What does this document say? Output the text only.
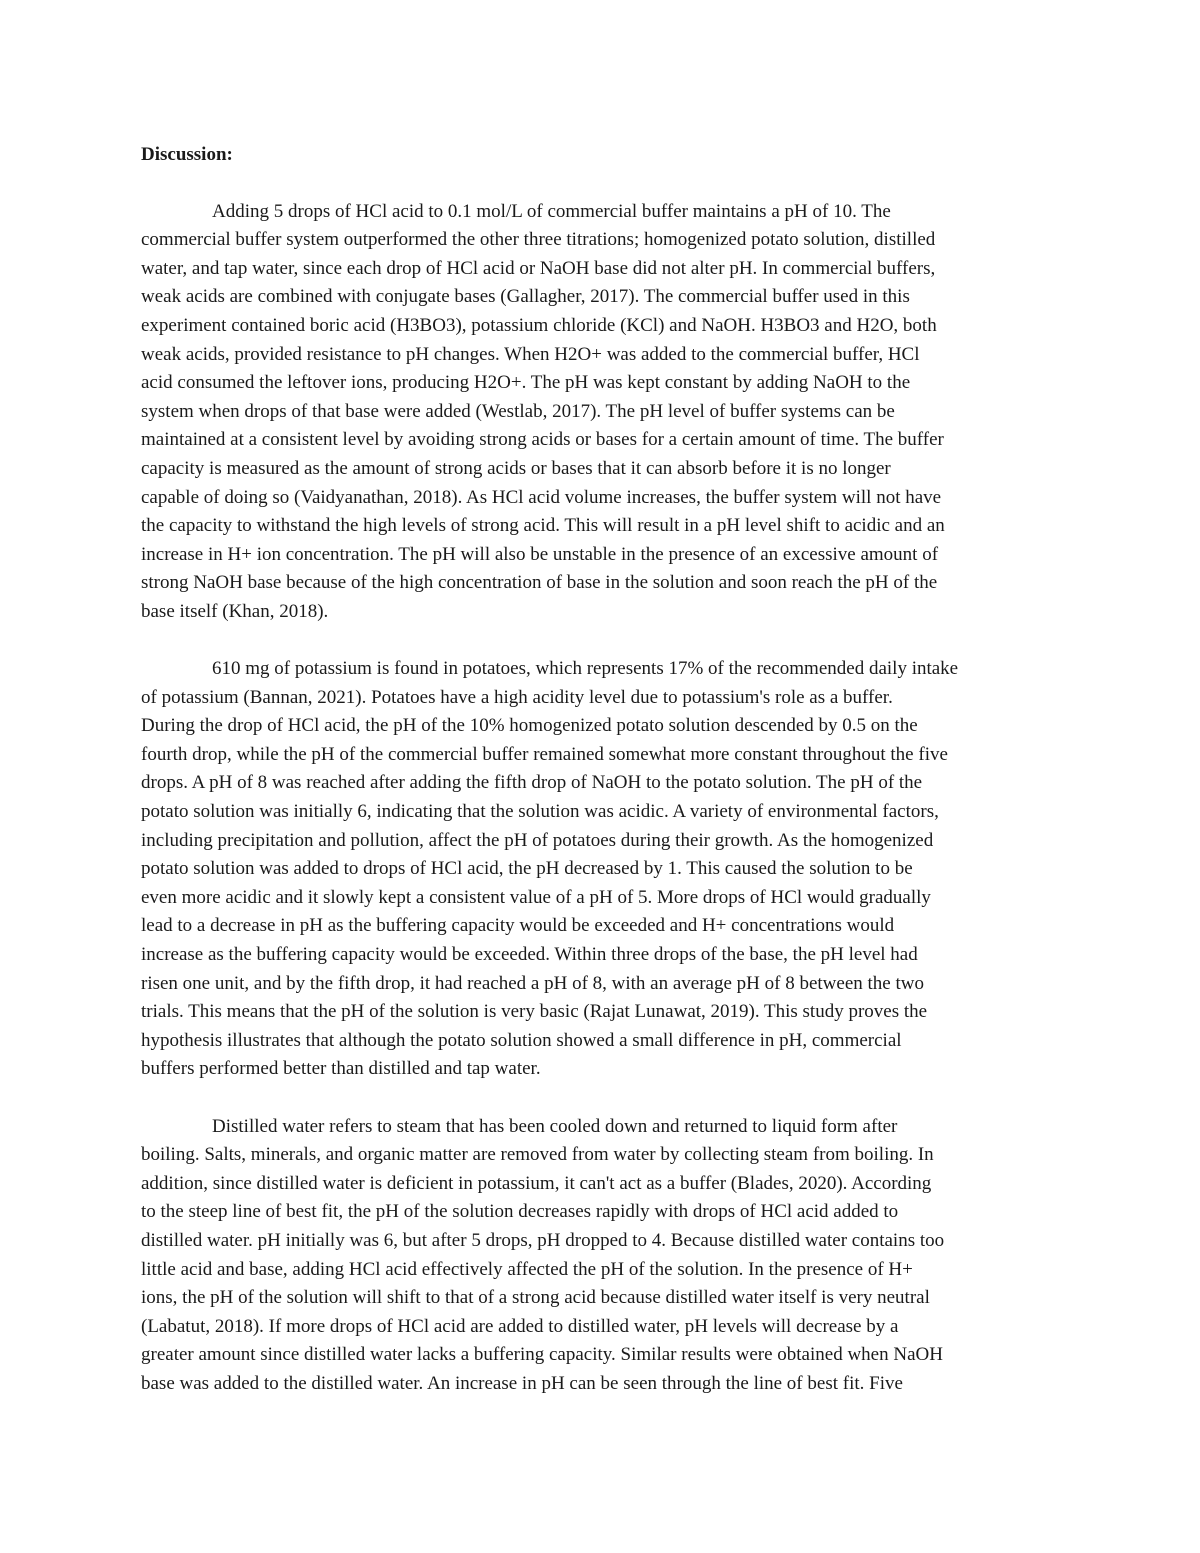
Discussion:
Adding 5 drops of HCl acid to 0.1 mol/L of commercial buffer maintains a pH of 10. The
commercial buffer system outperformed the other three titrations; homogenized potato solution, distilled
water, and tap water, since each drop of HCl acid or NaOH base did not alter pH. In commercial buffers,
weak acids are combined with conjugate bases (Gallagher, 2017). The commercial buffer used in this
experiment contained boric acid (H3BO3), potassium chloride (KCl) and NaOH. H3BO3 and H2O, both
weak acids, provided resistance to pH changes. When H2O+ was added to the commercial buffer, HCl
acid consumed the leftover ions, producing H2O+. The pH was kept constant by adding NaOH to the
system when drops of that base were added (Westlab, 2017). The pH level of buffer systems can be
maintained at a consistent level by avoiding strong acids or bases for a certain amount of time. The buffer
capacity is measured as the amount of strong acids or bases that it can absorb before it is no longer
capable of doing so (Vaidyanathan, 2018). As HCl acid volume increases, the buffer system will not have
the capacity to withstand the high levels of strong acid. This will result in a pH level shift to acidic and an
increase in H+ ion concentration. The pH will also be unstable in the presence of an excessive amount of
strong NaOH base because of the high concentration of base in the solution and soon reach the pH of the
base itself (Khan, 2018).
610 mg of potassium is found in potatoes, which represents 17% of the recommended daily intake
of potassium (Bannan, 2021). Potatoes have a high acidity level due to potassium's role as a buffer.
During the drop of HCl acid, the pH of the 10% homogenized potato solution descended by 0.5 on the
fourth drop, while the pH of the commercial buffer remained somewhat more constant throughout the five
drops. A pH of 8 was reached after adding the fifth drop of NaOH to the potato solution. The pH of the
potato solution was initially 6, indicating that the solution was acidic. A variety of environmental factors,
including precipitation and pollution, affect the pH of potatoes during their growth. As the homogenized
potato solution was added to drops of HCl acid, the pH decreased by 1. This caused the solution to be
even more acidic and it slowly kept a consistent value of a pH of 5. More drops of HCl would gradually
lead to a decrease in pH as the buffering capacity would be exceeded and H+ concentrations would
increase as the buffering capacity would be exceeded. Within three drops of the base, the pH level had
risen one unit, and by the fifth drop, it had reached a pH of 8, with an average pH of 8 between the two
trials. This means that the pH of the solution is very basic (Rajat Lunawat, 2019). This study proves the
hypothesis illustrates that although the potato solution showed a small difference in pH, commercial
buffers performed better than distilled and tap water.
Distilled water refers to steam that has been cooled down and returned to liquid form after
boiling. Salts, minerals, and organic matter are removed from water by collecting steam from boiling. In
addition, since distilled water is deficient in potassium, it can't act as a buffer (Blades, 2020). According
to the steep line of best fit, the pH of the solution decreases rapidly with drops of HCl acid added to
distilled water. pH initially was 6, but after 5 drops, pH dropped to 4. Because distilled water contains too
little acid and base, adding HCl acid effectively affected the pH of the solution. In the presence of H+
ions, the pH of the solution will shift to that of a strong acid because distilled water itself is very neutral
(Labatut, 2018). If more drops of HCl acid are added to distilled water, pH levels will decrease by a
greater amount since distilled water lacks a buffering capacity. Similar results were obtained when NaOH
base was added to the distilled water. An increase in pH can be seen through the line of best fit. Five
